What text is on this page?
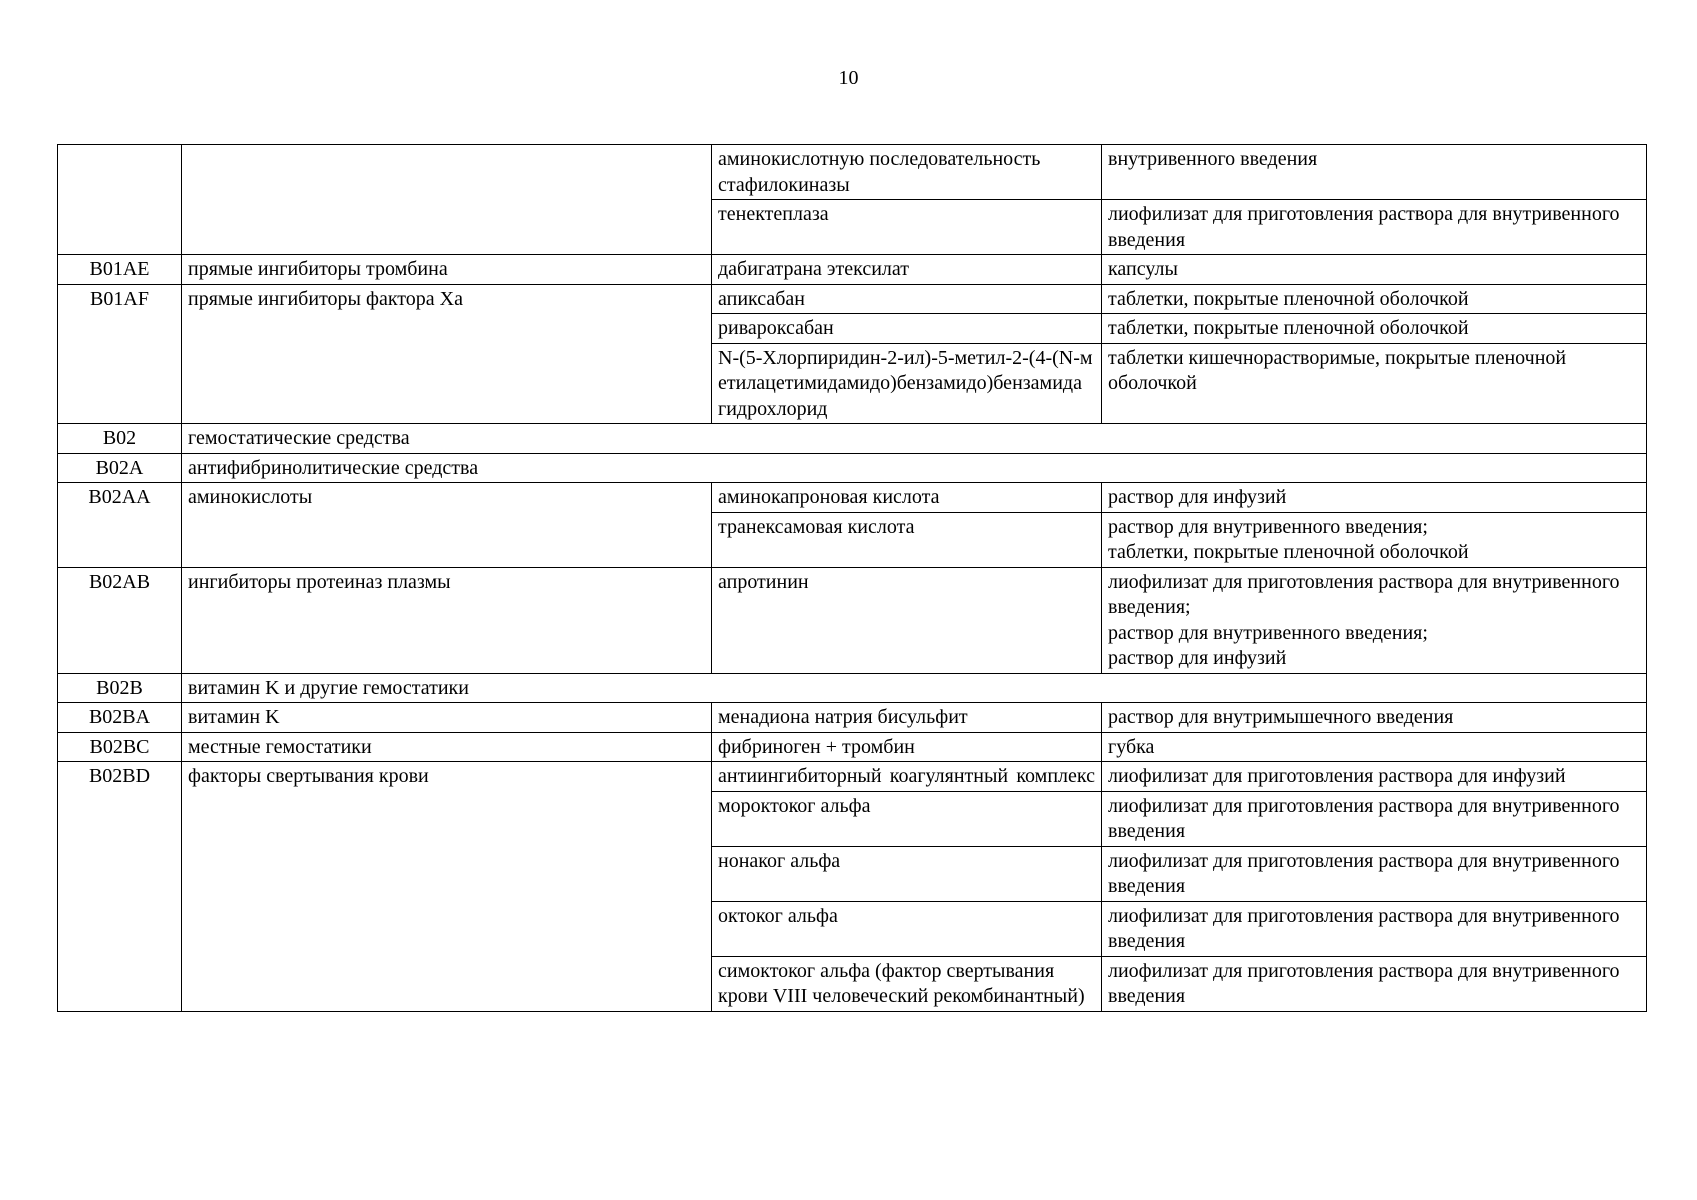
10
		аминокислотную последовательность стафилокиназы	внутривенного введения

		тенектеплаза	лиофилизат для приготовления раствора для внутривенного введения

B01AE	прямые ингибиторы тромбина	дабигатрана этексилат	капсулы

B01AF	прямые ингибиторы фактора Xa	апиксабан	таблетки, покрытые пленочной оболочкой

		ривароксабан	таблетки, покрытые пленочной оболочкой

		N-(5-Хлорпиридин-2-ил)-5-метил-2-(4-(N-метилацетимидамидо)бензамидо)бензамида гидрохлорид	таблетки кишечнорастворимые, покрытые пленочной оболочкой

B02	гемостатические средства		
B02A	антифибринолитические средства		
B02AA	аминокислоты	аминокапроновая кислота	раствор для инфузий

		транексамовая кислота	раствор для внутривенного введения;
таблетки, покрытые пленочной оболочкой

B02AB	ингибиторы протеиназ плазмы	апротинин	лиофилизат для приготовления раствора для внутривенного введения;
раствор для внутривенного введения;
раствор для инфузий

B02B	витамин K и другие гемостатики		
B02BA	витамин K	менадиона натрия бисульфит	раствор для внутримышечного введения

B02BC	местные гемостатики	фибриноген + тромбин	губка

B02BD	факторы свертывания крови	антиингибиторный коагулянтный комплекс	лиофилизат для приготовления раствора для инфузий

		мороктоког альфа	лиофилизат для приготовления раствора для внутривенного введения

		нонаког альфа	лиофилизат для приготовления раствора для внутривенного введения

		октоког альфа	лиофилизат для приготовления раствора для внутривенного введения

		симоктоког альфа (фактор свертывания крови VIII человеческий рекомбинантный)	лиофилизат для приготовления раствора для внутривенного введения
